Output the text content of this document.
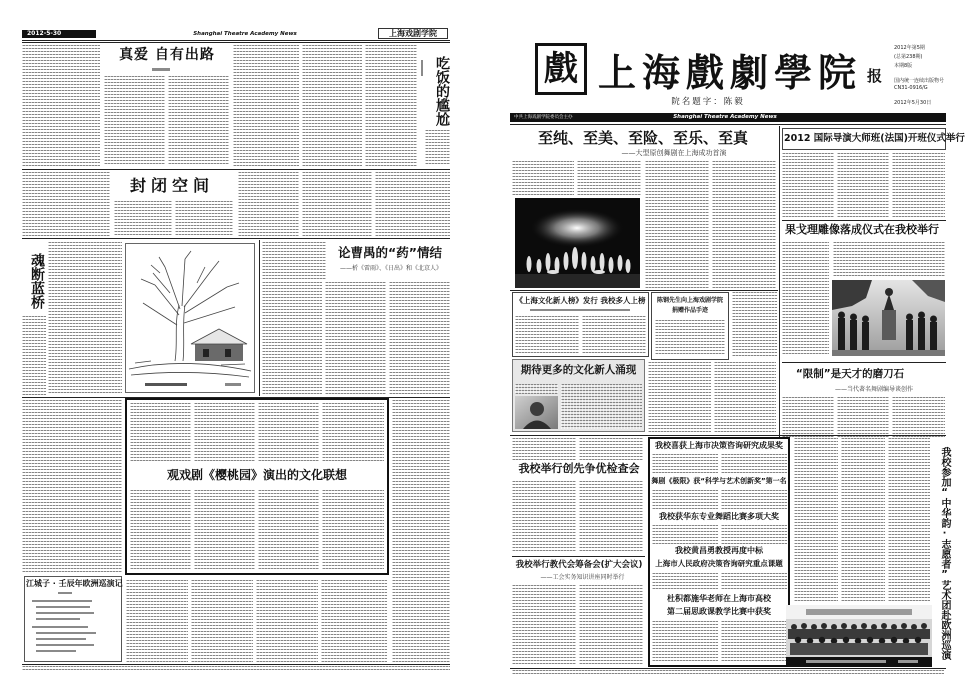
2012-5-30	Shanghai Theatre Academy News	上海戏剧学院
真爱 自有出路
吃饭的尴尬
封闭空间
魂断蓝桥
论曹禺的“药”情结
——析《雷雨》、《日出》和《北京人》
观戏剧《樱桃园》演出的文化联想
江城子 · 壬辰年欧洲巡演记
戲 上海戲劇學院 报
2012年第5期
(总第238期)
本期8版
国内统一连续出版物号
CN31-0916/G
2012年5月30日
院名题字：陈毅
中共上海戏剧学院委员会主办	Shanghai Theatre Academy News
至纯、至美、至险、至乐、至真
——大型原创舞剧在上海成功首演
2012 国际导演大师班(法国)开班仪式举行
果戈理雕像落成仪式在我校举行
《上海文化新人榜》发行 我校多人上榜	陈钢先生向上海戏剧学院
捐赠作品手迹
期待更多的文化新人涌现	“限制”是天才的磨刀石
——当代著名舞剧编导谈创作
我校举行创先争优检查会
我校举行教代会筹备会(扩大会议)
——工会实务知识讲座同时举行
我校喜获上海市决策咨询研究成果奖
舞剧《极限》获“科学与艺术创新奖”第一名
我校获华东专业舞蹈比赛多项大奖
我校黄昌勇教授再度中标
上海市人民政府决策咨询研究重点课题
杜积都施华老师在上海市高校
第二届思政课教学比赛中获奖	我校参加“中华韵·志愿者”艺术团赴欧洲巡演
